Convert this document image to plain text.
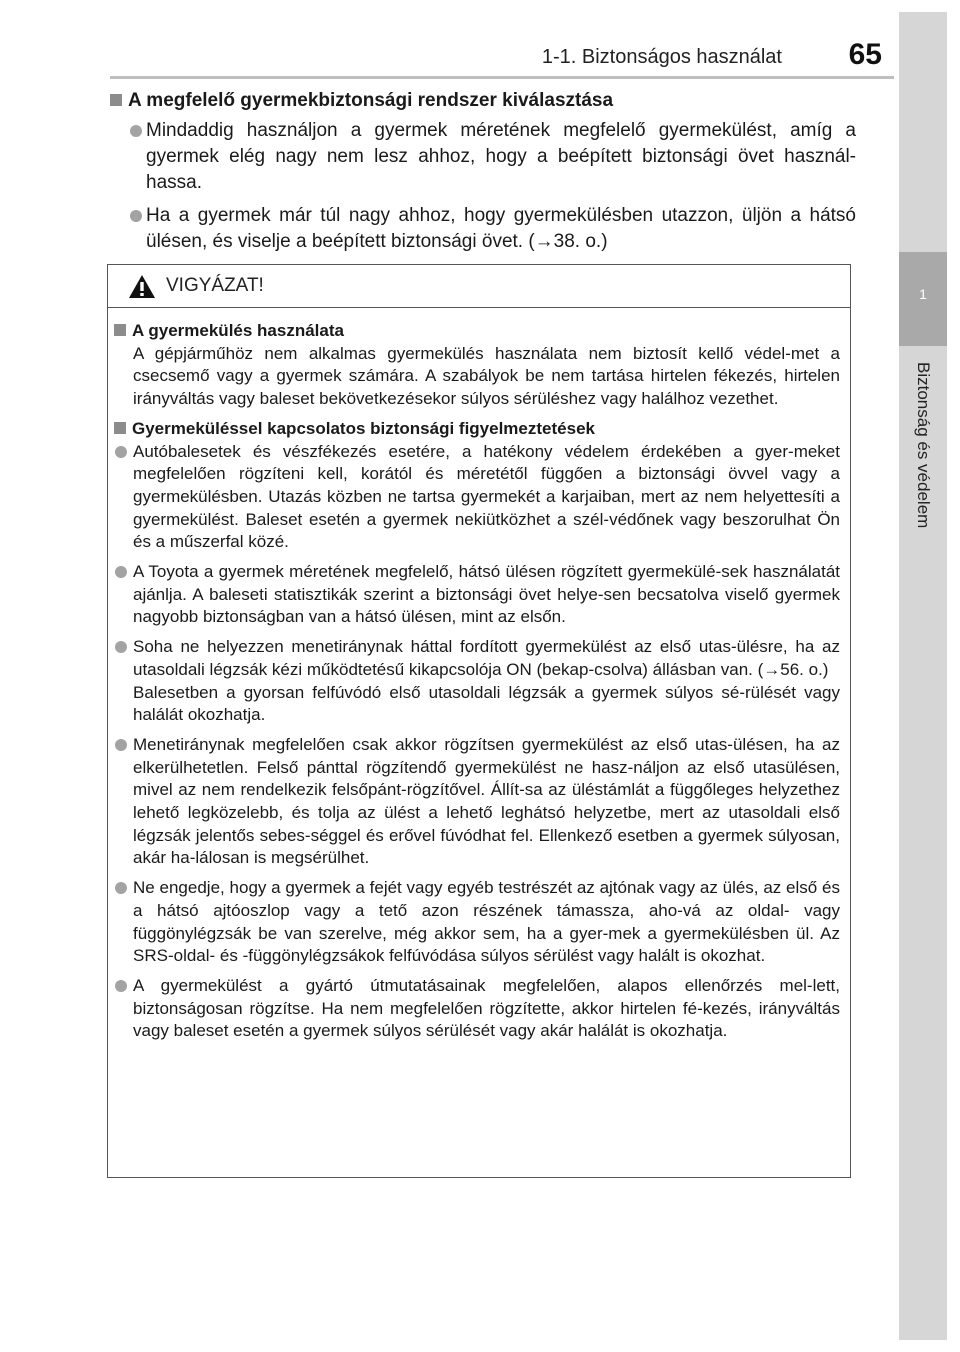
1-1. Biztonságos használat	65
1
Biztonság és védelem
A megfelelő gyermekbiztonsági rendszer kiválasztása
Mindaddig használjon a gyermek méretének megfelelő gyermekülést, amíg a gyermek elég nagy nem lesz ahhoz, hogy a beépített biztonsági övet használ-hassa.
Ha a gyermek már túl nagy ahhoz, hogy gyermekülésben utazzon, üljön a hátsó ülésen, és viselje a beépített biztonsági övet. (→38. o.)
VIGYÁZAT!
A gyermekülés használata
A gépjárműhöz nem alkalmas gyermekülés használata nem biztosít kellő védel-met a csecsemő vagy a gyermek számára. A szabályok be nem tartása hirtelen fékezés, hirtelen irányváltás vagy baleset bekövetkezésekor súlyos sérüléshez vagy halálhoz vezethet.
Gyermeküléssel kapcsolatos biztonsági figyelmeztetések
Autóbalesetek és vészfékezés esetére, a hatékony védelem érdekében a gyer-meket megfelelően rögzíteni kell, korától és méretétől függően a biztonsági övvel vagy a gyermekülésben. Utazás közben ne tartsa gyermekét a karjaiban, mert az nem helyettesíti a gyermekülést. Baleset esetén a gyermek nekiütközhet a szél-védőnek vagy beszorulhat Ön és a műszerfal közé.
A Toyota a gyermek méretének megfelelő, hátsó ülésen rögzített gyermekülé-sek használatát ajánlja. A baleseti statisztikák szerint a biztonsági övet helye-sen becsatolva viselő gyermek nagyobb biztonságban van a hátsó ülésen, mint az elsőn.
Soha ne helyezzen menetiránynak háttal fordított gyermekülést az első utas-ülésre, ha az utasoldali légzsák kézi működtetésű kikapcsolója ON (bekap-csolva) állásban van. (→56. o.)
Balesetben a gyorsan felfúvódó első utasoldali légzsák a gyermek súlyos sé-rülését vagy halálát okozhatja.
Menetiránynak megfelelően csak akkor rögzítsen gyermekülést az első utas-ülésen, ha az elkerülhetetlen. Felső pánttal rögzítendő gyermekülést ne hasz-náljon az első utasülésen, mivel az nem rendelkezik felsőpánt-rögzítővel. Állít-sa az üléstámlát a függőleges helyzethez lehető legközelebb, és tolja az ülést a lehető leghátsó helyzetbe, mert az utasoldali első légzsák jelentős sebes-séggel és erővel fúvódhat fel. Ellenkező esetben a gyermek súlyosan, akár ha-lálosan is megsérülhet.
Ne engedje, hogy a gyermek a fejét vagy egyéb testrészét az ajtónak vagy az ülés, az első és a hátsó ajtóoszlop vagy a tető azon részének támassza, aho-vá az oldal- vagy függönylégzsák be van szerelve, még akkor sem, ha a gyer-mek a gyermekülésben ül. Az SRS-oldal- és -függönylégzsákok felfúvódása súlyos sérülést vagy halált is okozhat.
A gyermekülést a gyártó útmutatásainak megfelelően, alapos ellenőrzés mel-lett, biztonságosan rögzítse. Ha nem megfelelően rögzítette, akkor hirtelen fé-kezés, irányváltás vagy baleset esetén a gyermek súlyos sérülését vagy akár halálát is okozhatja.
